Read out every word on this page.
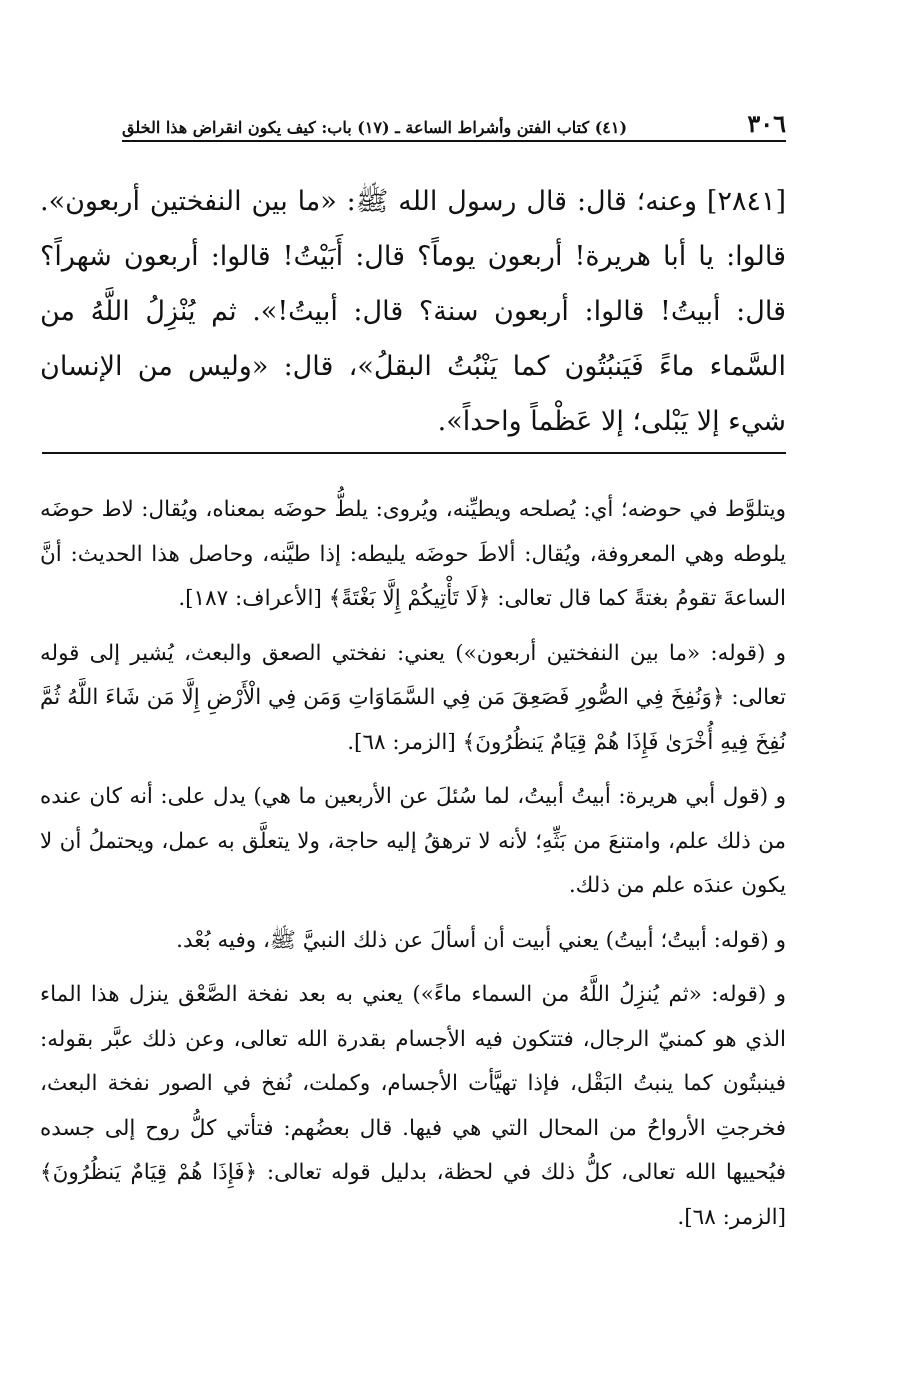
٣٠٦
(٤١) كتاب الفتن وأشراط الساعة ـ (١٧) باب: كيف يكون انقراض هذا الخلق

[٢٨٤١] وعنه؛ قال: قال رسول الله ﷺ: «ما بين النفختين أربعون». قالوا: يا أبا هريرة! أربعون يوماً؟ قال: أَبَيْتُ! قالوا: أربعون شهراً؟ قال: أبيتُ! قالوا: أربعون سنة؟ قال: أبيتُ!». ثم يُنْزِلُ اللَّهُ من السَّماء ماءً فَيَنبُتُون كما يَنْبُتُ البقلُ»، قال: «وليس من الإنسان شيء إلا يَبْلى؛ إلا عَظْماً واحداً».

ويتلوَّط في حوضه؛ أي: يُصلحه ويطيِّنه، ويُروى: يلطُّ حوضَه بمعناه، ويُقال: لاط حوضَه يلوطه وهي المعروفة، ويُقال: ألاطَ حوضَه يليطه: إذا طيَّنه، وحاصل هذا الحديث: أنَّ الساعةَ تقومُ بغتةً كما قال تعالى: ﴿لَا تَأْتِيكُمْ إِلَّا بَغْتَةً﴾ [الأعراف: ١٨٧].

و (قوله: «ما بين النفختين أربعون») يعني: نفختي الصعق والبعث، يُشير إلى قوله تعالى: ﴿وَنُفِخَ فِي الصُّورِ فَصَعِقَ مَن فِي السَّمَاوَاتِ وَمَن فِي الْأَرْضِ إِلَّا مَن شَاءَ اللَّهُ ثُمَّ نُفِخَ فِيهِ أُخْرَىٰ فَإِذَا هُمْ قِيَامٌ يَنظُرُونَ﴾ [الزمر: ٦٨].

و (قول أبي هريرة: أبيتُ أبيتُ، لما سُئلَ عن الأربعين ما هي) يدل على: أنه كان عنده من ذلك علم، وامتنعَ من بَثِّهِ؛ لأنه لا ترهقُ إليه حاجة، ولا يتعلَّق به عمل، ويحتملُ أن لا يكون عندَه علم من ذلك.

و (قوله: أبيتُ؛ أبيتُ) يعني أبيت أن أسألَ عن ذلك النبيَّ ﷺ، وفيه بُعْد.

و (قوله: «ثم يُنزِلُ اللَّهُ من السماء ماءً») يعني به بعد نفخة الصَّعْق ينزل هذا الماء الذي هو كمنيّ الرجال، فتتكون فيه الأجسام بقدرة الله تعالى، وعن ذلك عبَّر بقوله: فينبتُون كما ينبتُ البَقْل، فإذا تهيَّأت الأجسام، وكملت، نُفخ في الصور نفخة البعث، فخرجتِ الأرواحُ من المحال التي هي فيها. قال بعضُهم: فتأتي كلُّ روح إلى جسده فيُحييها الله تعالى، كلُّ ذلك في لحظة، بدليل قوله تعالى: ﴿فَإِذَا هُمْ قِيَامٌ يَنظُرُونَ﴾ [الزمر: ٦٨].
